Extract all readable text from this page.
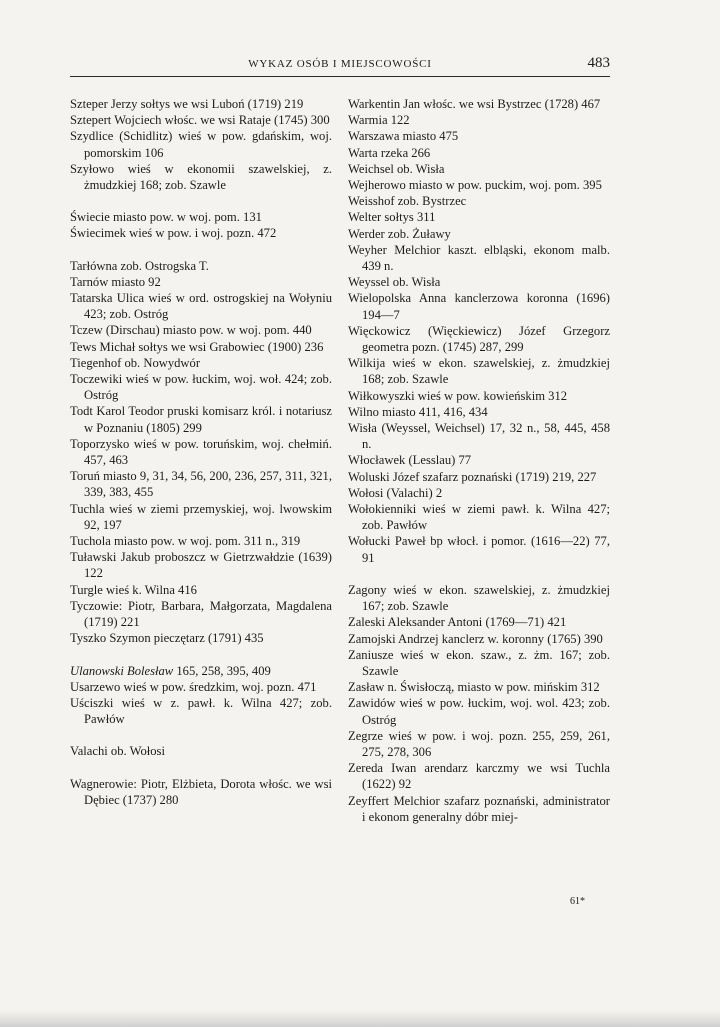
WYKAZ OSÓB I MIEJSCOWOŚCI	483

Szteper Jerzy sołtys we wsi Luboń (1719) 219

Sztepert Wojciech włośc. we wsi Rataje (1745) 300

Szydlice (Schidlitz) wieś w pow. gdańskim, woj. pomorskim 106

Szyłowo wieś w ekonomii szawelskiej, z. żmudzkiej 168; zob. Szawle

Świecie miasto pow. w woj. pom. 131

Świecimek wieś w pow. i woj. pozn. 472

Tarłówna zob. Ostrogska T.

Tarnów miasto 92

Tatarska Ulica wieś w ord. ostrogskiej na Wołyniu 423; zob. Ostróg

Tczew (Dirschau) miasto pow. w woj. pom. 440

Tews Michał sołtys we wsi Grabowiec (1900) 236

Tiegenhof ob. Nowydwór

Toczewiki wieś w pow. łuckim, woj. woł. 424; zob. Ostróg

Todt Karol Teodor pruski komisarz król. i notariusz w Poznaniu (1805) 299

Toporzysko wieś w pow. toruńskim, woj. chełmiń. 457, 463

Toruń miasto 9, 31, 34, 56, 200, 236, 257, 311, 321, 339, 383, 455

Tuchla wieś w ziemi przemyskiej, woj. lwowskim 92, 197

Tuchola miasto pow. w woj. pom. 311 n., 319

Tuławski Jakub proboszcz w Gietrzwałdzie (1639) 122

Turgle wieś k. Wilna 416

Tyczowie: Piotr, Barbara, Małgorzata, Magdalena (1719) 221

Tyszko Szymon pieczętarz (1791) 435

Ulanowski Bolesław 165, 258, 395, 409

Usarzewo wieś w pow. średzkim, woj. pozn. 471

Uściszki wieś w z. pawł. k. Wilna 427; zob. Pawłów

Valachi ob. Wołosi

Wagnerowie: Piotr, Elżbieta, Dorota włośc. we wsi Dębiec (1737) 280

Warkentin Jan włośc. we wsi Bystrzec (1728) 467

Warmia 122

Warszawa miasto 475

Warta rzeka 266

Weichsel ob. Wisła

Wejherowo miasto w pow. puckim, woj. pom. 395

Weisshof zob. Bystrzec

Welter sołtys 311

Werder zob. Żuławy

Weyher Melchior kaszt. elbląski, ekonom malb. 439 n.

Weyssel ob. Wisła

Wielopolska Anna kanclerzowa koronna (1696) 194—7

Więckowicz (Więckiewicz) Józef Grzegorz geometra pozn. (1745) 287, 299

Wilkija wieś w ekon. szawelskiej, z. żmudzkiej 168; zob. Szawle

Wiłkowyszki wieś w pow. kowieńskim 312

Wilno miasto 411, 416, 434

Wisła (Weyssel, Weichsel) 17, 32 n., 58, 445, 458 n.

Włocławek (Lesslau) 77

Woluski Józef szafarz poznański (1719) 219, 227

Wołosi (Valachi) 2

Wołokienniki wieś w ziemi pawł. k. Wilna 427; zob. Pawłów

Wołucki Paweł bp włocł. i pomor. (1616—22) 77, 91

Zagony wieś w ekon. szawelskiej, z. żmudzkiej 167; zob. Szawle

Zaleski Aleksander Antoni (1769—71) 421

Zamojski Andrzej kanclerz w. koronny (1765) 390

Zaniusze wieś w ekon. szaw., z. żm. 167; zob. Szawle

Zasław n. Świsłoczą, miasto w pow. mińskim 312

Zawidów wieś w pow. łuckim, woj. wol. 423; zob. Ostróg

Zegrze wieś w pow. i woj. pozn. 255, 259, 261, 275, 278, 306

Zereda Iwan arendarz karczmy we wsi Tuchla (1622) 92

Zeyffert Melchior szafarz poznański, administrator i ekonom generalny dóbr miej-

61*
